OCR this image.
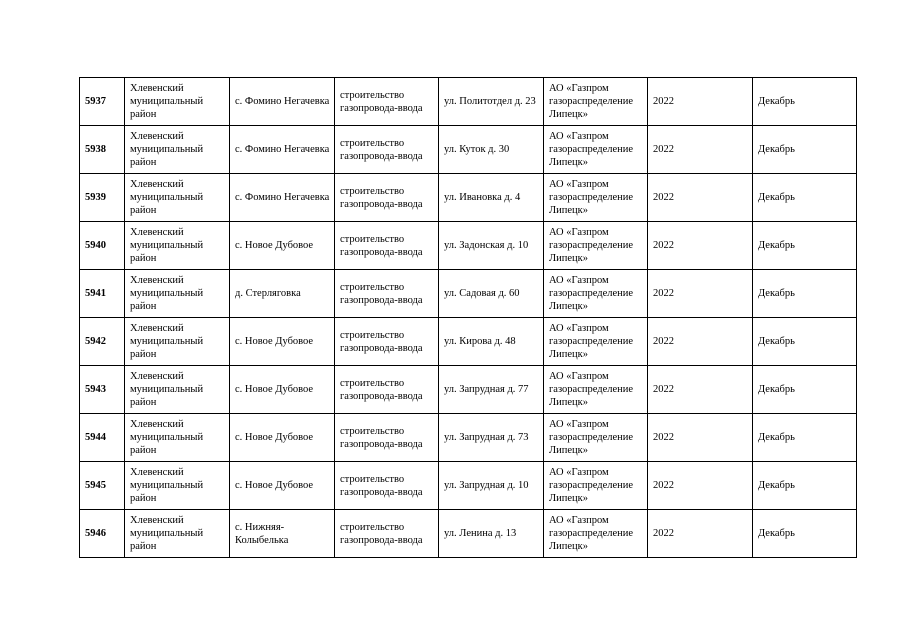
5937	Хлевенский муниципальный район	с. Фомино Негачевка	строительство газопровода-ввода	ул. Политотдел д. 23	АО «Газпром газораспределение Липецк»	2022	Декабрь
5938	Хлевенский муниципальный район	с. Фомино Негачевка	строительство газопровода-ввода	ул. Куток д. 30	АО «Газпром газораспределение Липецк»	2022	Декабрь
5939	Хлевенский муниципальный район	с. Фомино Негачевка	строительство газопровода-ввода	ул. Ивановка д. 4	АО «Газпром газораспределение Липецк»	2022	Декабрь
5940	Хлевенский муниципальный район	с. Новое Дубовое	строительство газопровода-ввода	ул. Задонская д. 10	АО «Газпром газораспределение Липецк»	2022	Декабрь
5941	Хлевенский муниципальный район	д. Стерляговка	строительство газопровода-ввода	ул. Садовая д. 60	АО «Газпром газораспределение Липецк»	2022	Декабрь
5942	Хлевенский муниципальный район	с. Новое Дубовое	строительство газопровода-ввода	ул. Кирова д. 48	АО «Газпром газораспределение Липецк»	2022	Декабрь
5943	Хлевенский муниципальный район	с. Новое Дубовое	строительство газопровода-ввода	ул. Запрудная д. 77	АО «Газпром газораспределение Липецк»	2022	Декабрь
5944	Хлевенский муниципальный район	с. Новое Дубовое	строительство газопровода-ввода	ул. Запрудная д. 73	АО «Газпром газораспределение Липецк»	2022	Декабрь
5945	Хлевенский муниципальный район	с. Новое Дубовое	строительство газопровода-ввода	ул. Запрудная д. 10	АО «Газпром газораспределение Липецк»	2022	Декабрь
5946	Хлевенский муниципальный район	с. Нижняя-Колыбелька	строительство газопровода-ввода	ул. Ленина д. 13	АО «Газпром газораспределение Липецк»	2022	Декабрь
